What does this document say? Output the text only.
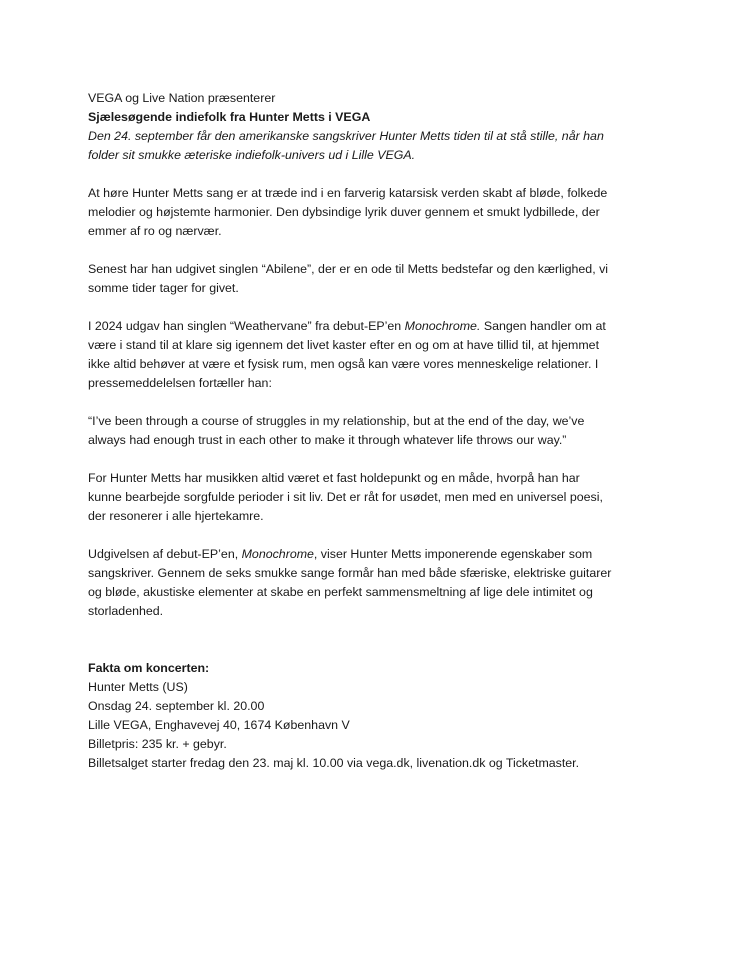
VEGA og Live Nation præsenterer
Sjælesøgende indiefolk fra Hunter Metts i VEGA
Den 24. september får den amerikanske sangskriver Hunter Metts tiden til at stå stille, når han
folder sit smukke æteriske indiefolk-univers ud i Lille VEGA.
At høre Hunter Metts sang er at træde ind i en farverig katarsisk verden skabt af bløde, folkede
melodier og højstemte harmonier. Den dybsindige lyrik duver gennem et smukt lydbillede, der
emmer af ro og nærvær.
Senest har han udgivet singlen “Abilene”, der er en ode til Metts bedstefar og den kærlighed, vi
somme tider tager for givet.
I 2024 udgav han singlen “Weathervane” fra debut-EP’en Monochrome. Sangen handler om at
være i stand til at klare sig igennem det livet kaster efter en og om at have tillid til, at hjemmet
ikke altid behøver at være et fysisk rum, men også kan være vores menneskelige relationer. I
pressemeddelelsen fortæller han:
“I’ve been through a course of struggles in my relationship, but at the end of the day, we’ve
always had enough trust in each other to make it through whatever life throws our way.”
For Hunter Metts har musikken altid været et fast holdepunkt og en måde, hvorpå han har
kunne bearbejde sorgfulde perioder i sit liv. Det er råt for usødet, men med en universel poesi,
der resonerer i alle hjertekamre.
Udgivelsen af debut-EP’en, Monochrome, viser Hunter Metts imponerende egenskaber som
sangskriver. Gennem de seks smukke sange formår han med både sfæriske, elektriske guitarer
og bløde, akustiske elementer at skabe en perfekt sammensmeltning af lige dele intimitet og
storladenhed.
Fakta om koncerten:
Hunter Metts (US)
Onsdag 24. september kl. 20.00
Lille VEGA, Enghavevej 40, 1674 København V
Billetpris: 235 kr. + gebyr.
Billetsalget starter fredag den 23. maj kl. 10.00 via vega.dk, livenation.dk og Ticketmaster.
